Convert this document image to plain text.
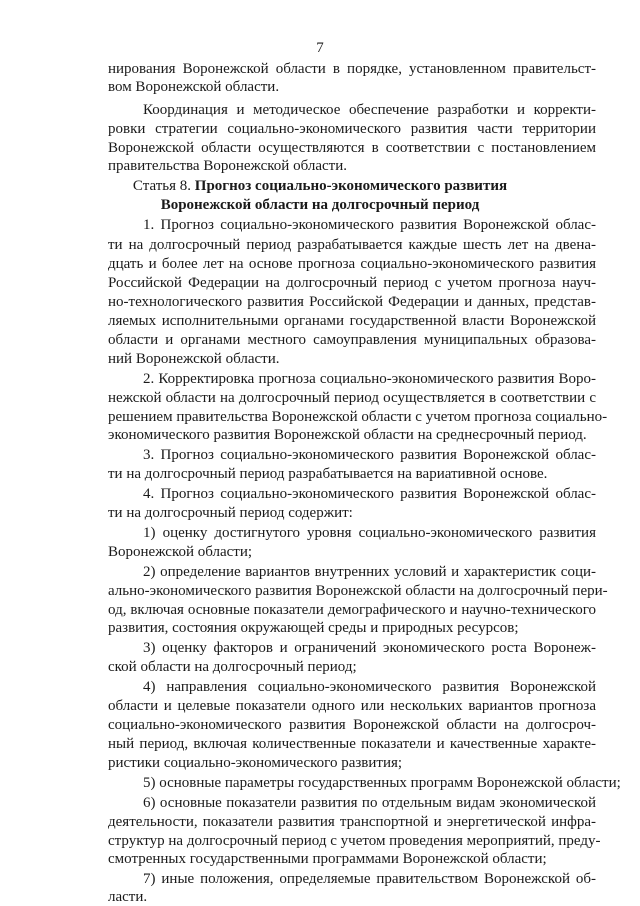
7
нирования Воронежской области в порядке, установленном правительст-
вом Воронежской области.
Координация и методическое обеспечение разработки и корректи-
ровки стратегии социально-экономического развития части территории
Воронежской области осуществляются в соответствии с постановлением
правительства Воронежской области.
Статья 8. Прогноз социально-экономического развития
Воронежской области на долгосрочный период
1. Прогноз социально-экономического развития Воронежской облас-
ти на долгосрочный период разрабатывается каждые шесть лет на двена-
дцать и более лет на основе прогноза социально-экономического развития
Российской Федерации на долгосрочный период с учетом прогноза науч-
но-технологического развития Российской Федерации и данных, представ-
ляемых исполнительными органами государственной власти Воронежской
области и органами местного самоуправления муниципальных образова-
ний Воронежской области.
2. Корректировка прогноза социально-экономического развития Воро-
нежской области на долгосрочный период осуществляется в соответствии с
решением правительства Воронежской области с учетом прогноза социально-
экономического развития Воронежской области на среднесрочный период.
3. Прогноз социально-экономического развития Воронежской облас-
ти на долгосрочный период разрабатывается на вариативной основе.
4. Прогноз социально-экономического развития Воронежской облас-
ти на долгосрочный период содержит:
1) оценку достигнутого уровня социально-экономического развития
Воронежской области;
2) определение вариантов внутренних условий и характеристик соци-
ально-экономического развития Воронежской области на долгосрочный пери-
од, включая основные показатели демографического и научно-технического
развития, состояния окружающей среды и природных ресурсов;
3) оценку факторов и ограничений экономического роста Воронеж-
ской области на долгосрочный период;
4) направления социально-экономического развития Воронежской
области и целевые показатели одного или нескольких вариантов прогноза
социально-экономического развития Воронежской области на долгосроч-
ный период, включая количественные показатели и качественные характе-
ристики социально-экономического развития;
5) основные параметры государственных программ Воронежской области;
6) основные показатели развития по отдельным видам экономической
деятельности, показатели развития транспортной и энергетической инфра-
структур на долгосрочный период с учетом проведения мероприятий, преду-
смотренных государственными программами Воронежской области;
7) иные положения, определяемые правительством Воронежской об-
ласти.
